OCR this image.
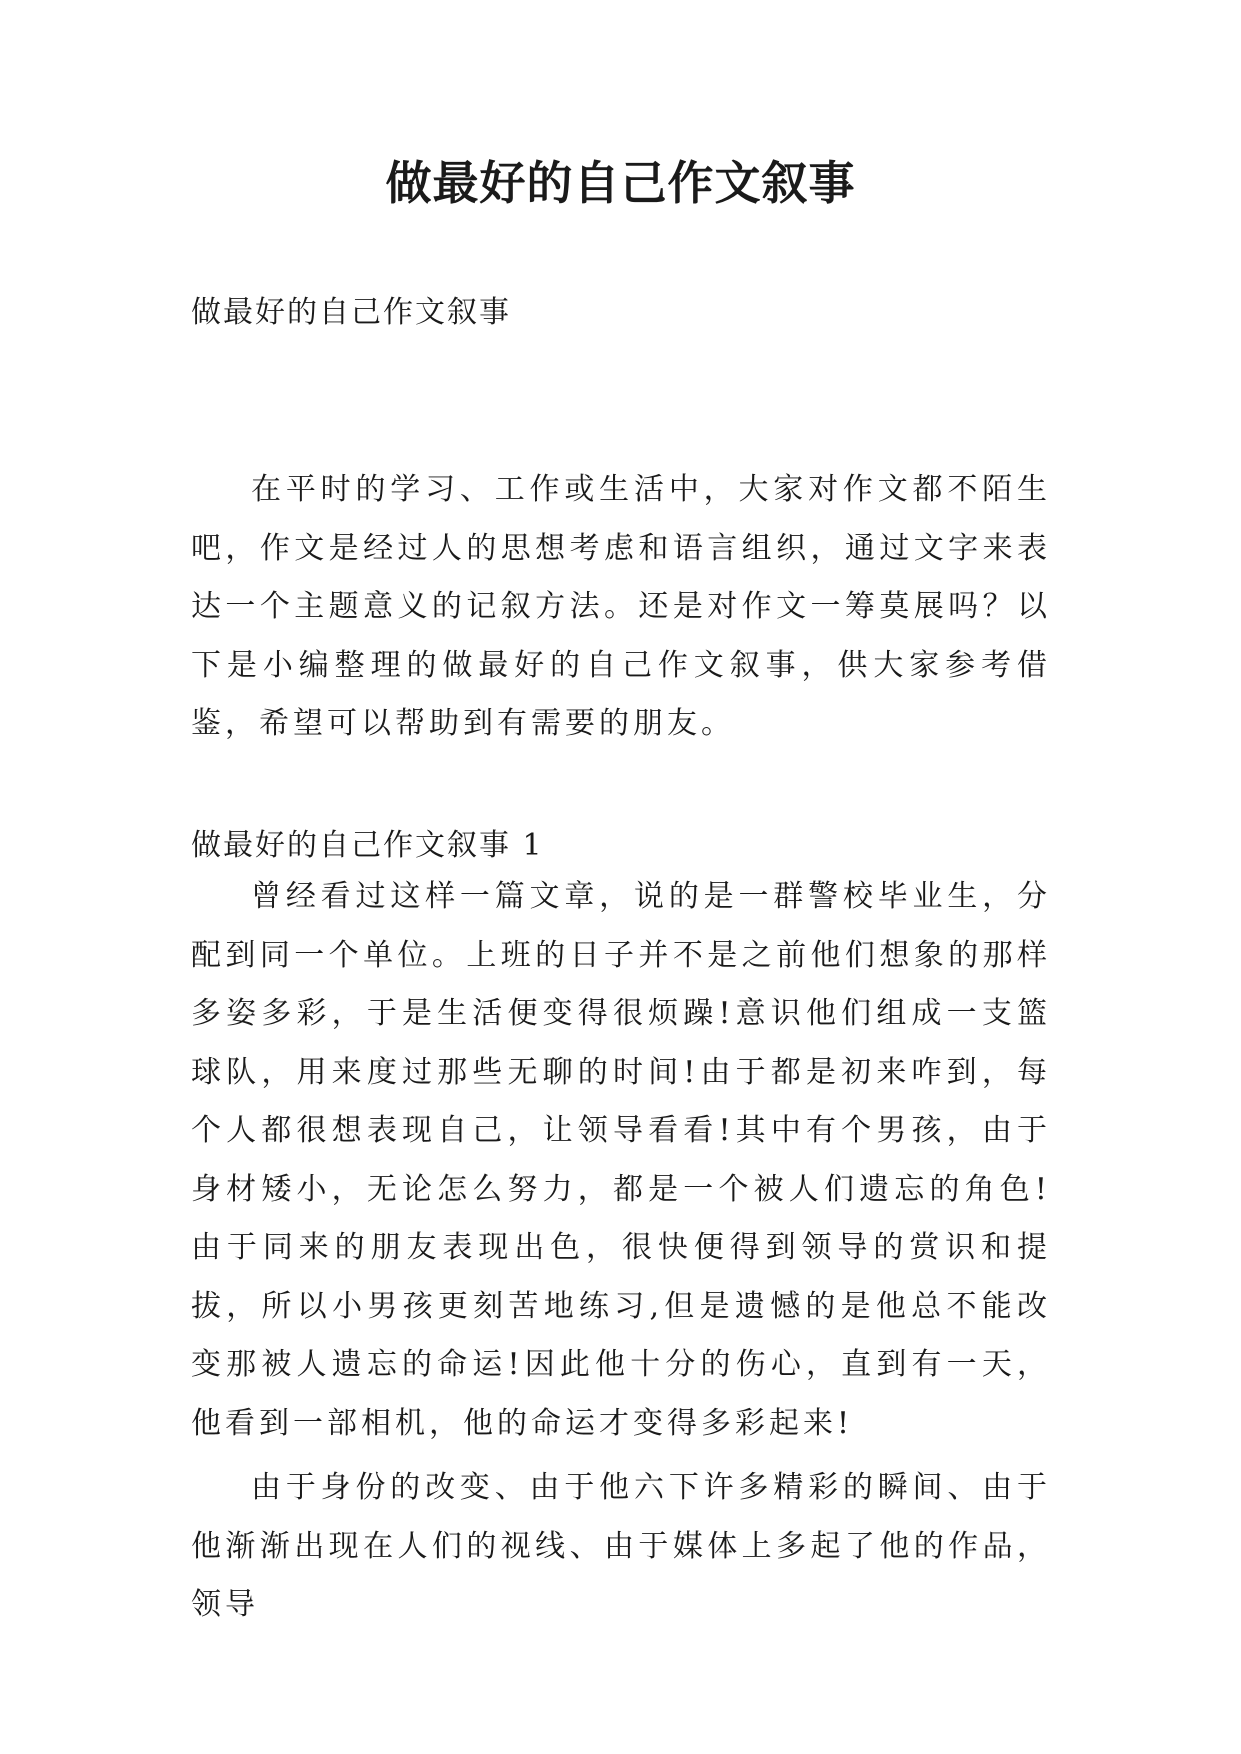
做最好的自己作文叙事

做最好的自己作文叙事

在平时的学习、工作或生活中，大家对作文都不陌生吧，作文是经过人的思想考虑和语言组织，通过文字来表达一个主题意义的记叙方法。还是对作文一筹莫展吗？以下是小编整理的做最好的自己作文叙事，供大家参考借鉴，希望可以帮助到有需要的朋友。

做最好的自己作文叙事 1

曾经看过这样一篇文章，说的是一群警校毕业生，分配到同一个单位。上班的日子并不是之前他们想象的那样多姿多彩，于是生活便变得很烦躁!意识他们组成一支篮球队，用来度过那些无聊的时间!由于都是初来咋到，每个人都很想表现自己，让领导看看!其中有个男孩，由于身材矮小，无论怎么努力，都是一个被人们遗忘的角色!由于同来的朋友表现出色，很快便得到领导的赏识和提拔，所以小男孩更刻苦地练习,但是遗憾的是他总不能改变那被人遗忘的命运!因此他十分的伤心，直到有一天，他看到一部相机，他的命运才变得多彩起来!

由于身份的改变、由于他六下许多精彩的瞬间、由于他渐渐出现在人们的视线、由于媒体上多起了他的作品，领导
